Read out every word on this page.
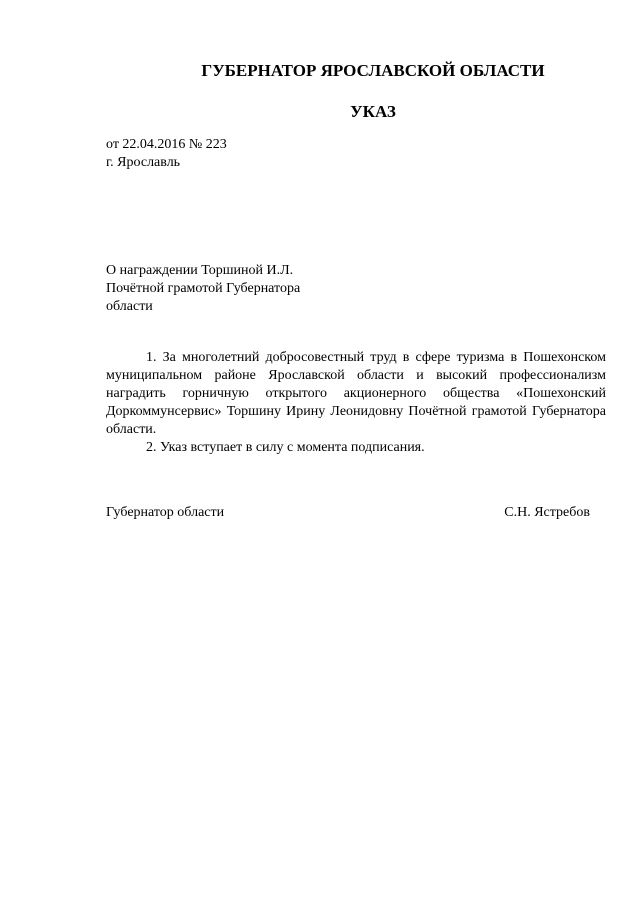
ГУБЕРНАТОР ЯРОСЛАВСКОЙ ОБЛАСТИ
УКАЗ
от 22.04.2016 № 223
г. Ярославль
О награждении Торшиной И.Л.
Почётной грамотой Губернатора
области

1. За многолетний добросовестный труд в сфере туризма в Пошехонском муниципальном районе Ярославской области и высокий профессионализм наградить горничную открытого акционерного общества «Пошехонский Доркоммунсервис» Торшину Ирину Леонидовну Почётной грамотой Губернатора области.

2. Указ вступает в силу с момента подписания.

Губернатор области	С.Н. Ястребов
